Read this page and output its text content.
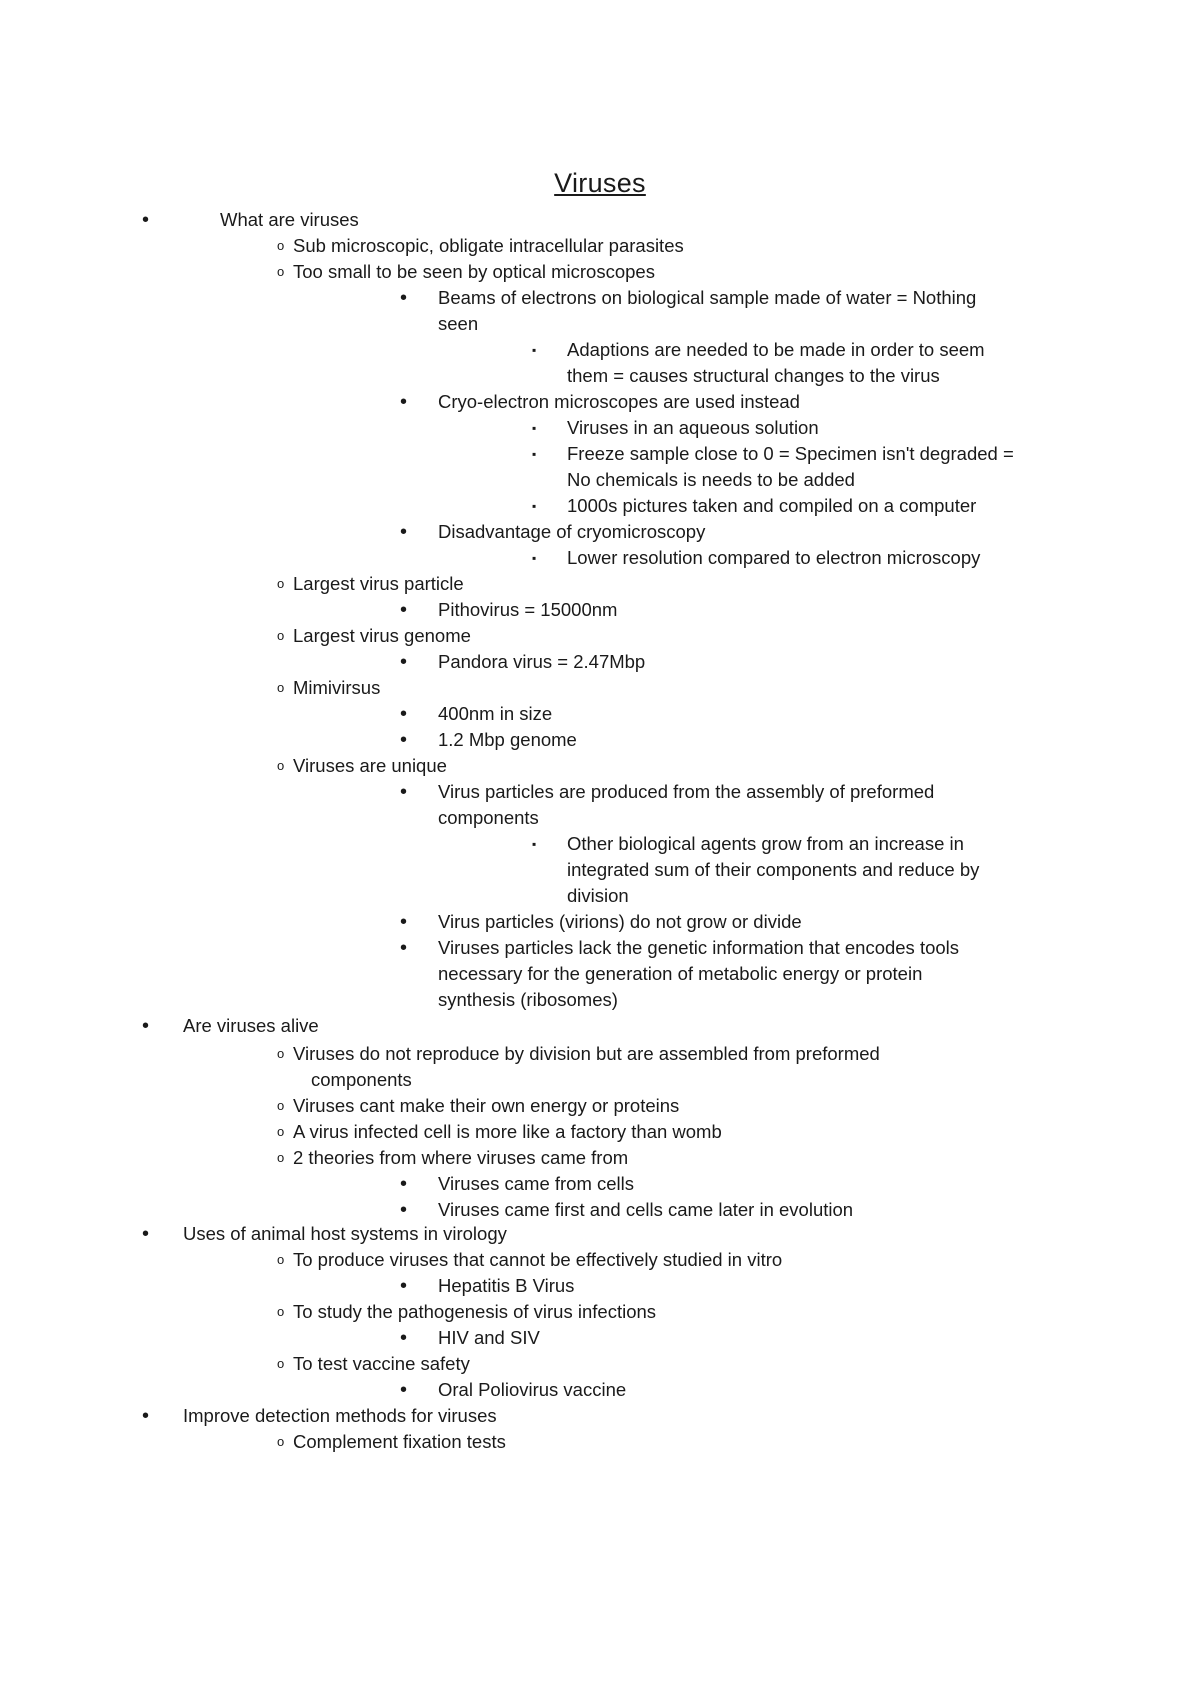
Viruses
•	What are viruses
o Sub microscopic, obligate intracellular parasites
o Too small to be seen by optical microscopes
• Beams of electrons on biological sample made of water = Nothing
seen
▪ Adaptions are needed to be made in order to seem
them = causes structural changes to the virus
• Cryo-electron microscopes are used instead
▪ Viruses in an aqueous solution
▪ Freeze sample close to 0 = Specimen isn't degraded =
No chemicals is needs to be added
▪ 1000s pictures taken and compiled on a computer
• Disadvantage of cryomicroscopy
▪ Lower resolution compared to electron microscopy
o Largest virus particle
• Pithovirus = 15000nm
o Largest virus genome
• Pandora virus = 2.47Mbp
o Mimivirsus
• 400nm in size
• 1.2 Mbp genome
o Viruses are unique
• Virus particles are produced from the assembly of preformed
components
▪ Other biological agents grow from an increase in
integrated sum of their components and reduce by
division
• Virus particles (virions) do not grow or divide
• Viruses particles lack the genetic information that encodes tools
necessary for the generation of metabolic energy or protein
synthesis (ribosomes)
• Are viruses alive
o Viruses do not reproduce by division but are assembled from preformed
components
o Viruses cant make their own energy or proteins
o A virus infected cell is more like a factory than womb
o 2 theories from where viruses came from
• Viruses came from cells
• Viruses came first and cells came later in evolution
• Uses of animal host systems in virology
o To produce viruses that cannot be effectively studied in vitro
• Hepatitis B Virus
o To study the pathogenesis of virus infections
• HIV and SIV
o To test vaccine safety
• Oral Poliovirus vaccine
• Improve detection methods for viruses
o Complement fixation tests
